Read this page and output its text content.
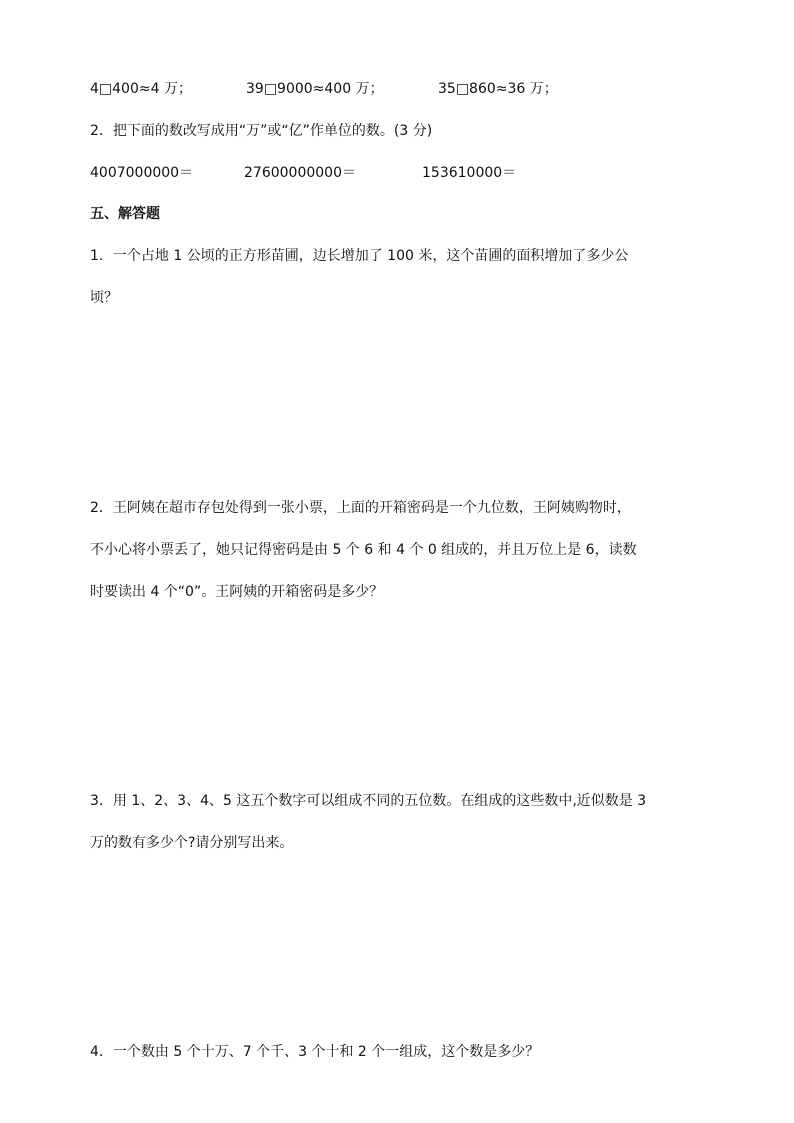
4□400≈4 万；	39□9000≈400 万；	35□860≈36 万；
2．把下面的数改写成用“万”或“亿”作单位的数。(3 分)
4007000000＝	27600000000＝	153610000＝
五、解答题
1．一个占地 1 公顷的正方形苗圃，边长增加了 100 米，这个苗圃的面积增加了多少公
顷？
2．王阿姨在超市存包处得到一张小票，上面的开箱密码是一个九位数，王阿姨购物时，
不小心将小票丢了，她只记得密码是由 5 个 6 和 4 个 0 组成的，并且万位上是 6，读数
时要读出 4 个“0”。王阿姨的开箱密码是多少？
3．用 1、2、3、4、5 这五个数字可以组成不同的五位数。在组成的这些数中,近似数是 3
万的数有多少个?请分别写出来。
4．一个数由 5 个十万、7 个千、3 个十和 2 个一组成，这个数是多少？
